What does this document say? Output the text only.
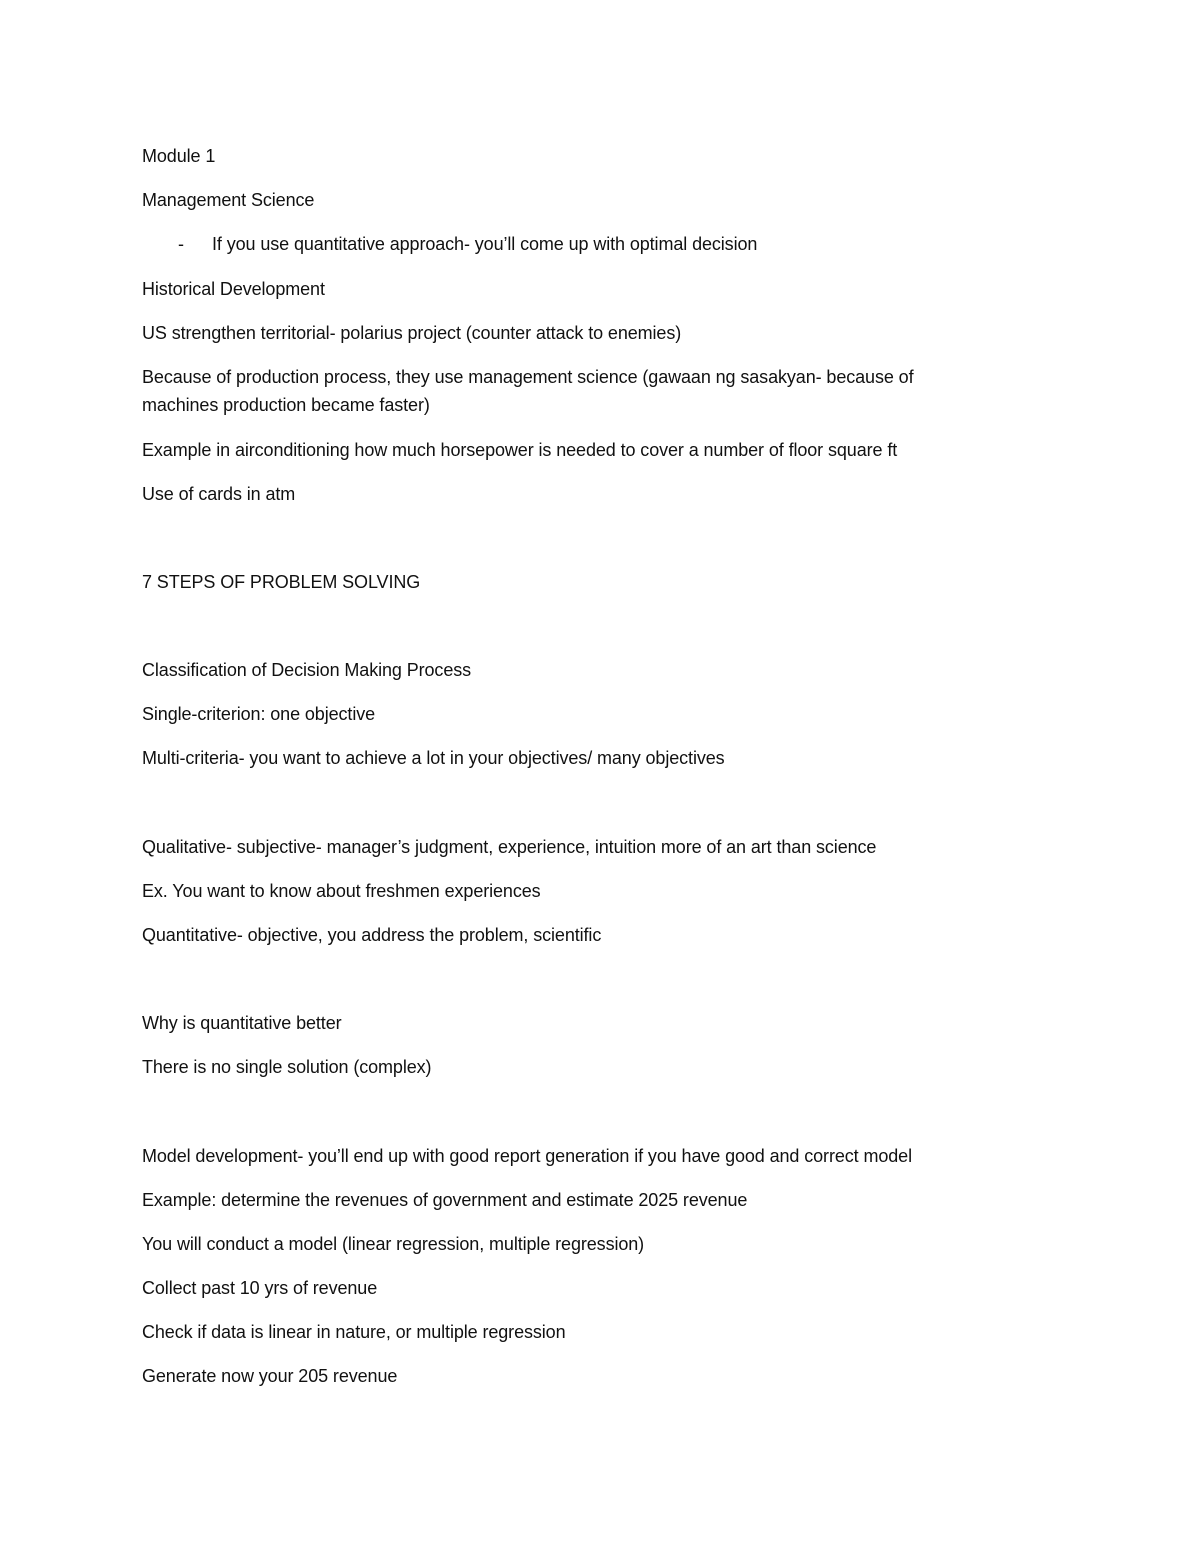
Module 1
Management Science
- If you use quantitative approach- you’ll come up with optimal decision
Historical Development
US strengthen territorial- polarius project (counter attack to enemies)
Because of production process, they use management science (gawaan ng sasakyan- because of
machines production became faster)
Example in airconditioning how much horsepower is needed to cover a number of floor square ft
Use of cards in atm
7 STEPS OF PROBLEM SOLVING
Classification of Decision Making Process
Single-criterion: one objective
Multi-criteria- you want to achieve a lot in your objectives/ many objectives
Qualitative- subjective- manager’s judgment, experience, intuition more of an art than science
Ex. You want to know about freshmen experiences
Quantitative- objective, you address the problem, scientific
Why is quantitative better
There is no single solution (complex)
Model development- you’ll end up with good report generation if you have good and correct model
Example: determine the revenues of government and estimate 2025 revenue
You will conduct a model (linear regression, multiple regression)
Collect past 10 yrs of revenue
Check if data is linear in nature, or multiple regression
Generate now your 205 revenue
